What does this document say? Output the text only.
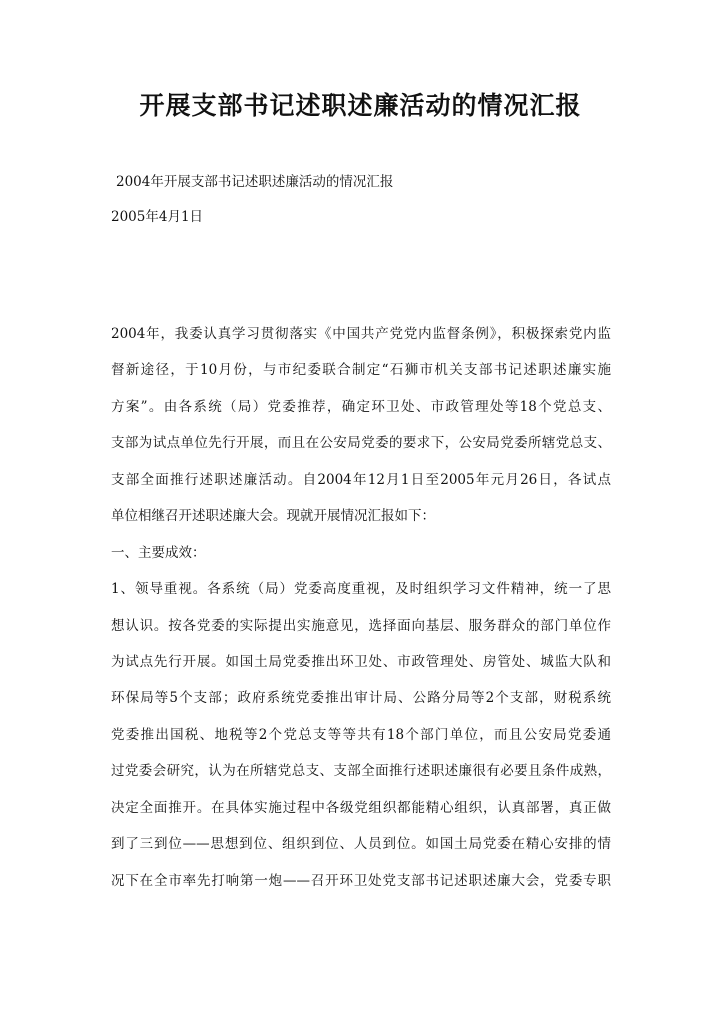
开展支部书记述职述廉活动的情况汇报
2004年开展支部书记述职述廉活动的情况汇报
2005年4月1日
2004年，我委认真学习贯彻落实《中国共产党党内监督条例》，积极探索党内监
督新途径，于10月份，与市纪委联合制定“石狮市机关支部书记述职述廉实施
方案”。由各系统（局）党委推荐，确定环卫处、市政管理处等18个党总支、
支部为试点单位先行开展，而且在公安局党委的要求下，公安局党委所辖党总支、
支部全面推行述职述廉活动。自2004年12月1日至2005年元月26日，各试点
单位相继召开述职述廉大会。现就开展情况汇报如下：
一、主要成效：
1、领导重视。各系统（局）党委高度重视，及时组织学习文件精神，统一了思
想认识。按各党委的实际提出实施意见，选择面向基层、服务群众的部门单位作
为试点先行开展。如国土局党委推出环卫处、市政管理处、房管处、城监大队和
环保局等5个支部；政府系统党委推出审计局、公路分局等2个支部，财税系统
党委推出国税、地税等2个党总支等等共有18个部门单位，而且公安局党委通
过党委会研究，认为在所辖党总支、支部全面推行述职述廉很有必要且条件成熟，
决定全面推开。在具体实施过程中各级党组织都能精心组织，认真部署，真正做
到了三到位——思想到位、组织到位、人员到位。如国土局党委在精心安排的情
况下在全市率先打响第一炮——召开环卫处党支部书记述职述廉大会，党委专职
